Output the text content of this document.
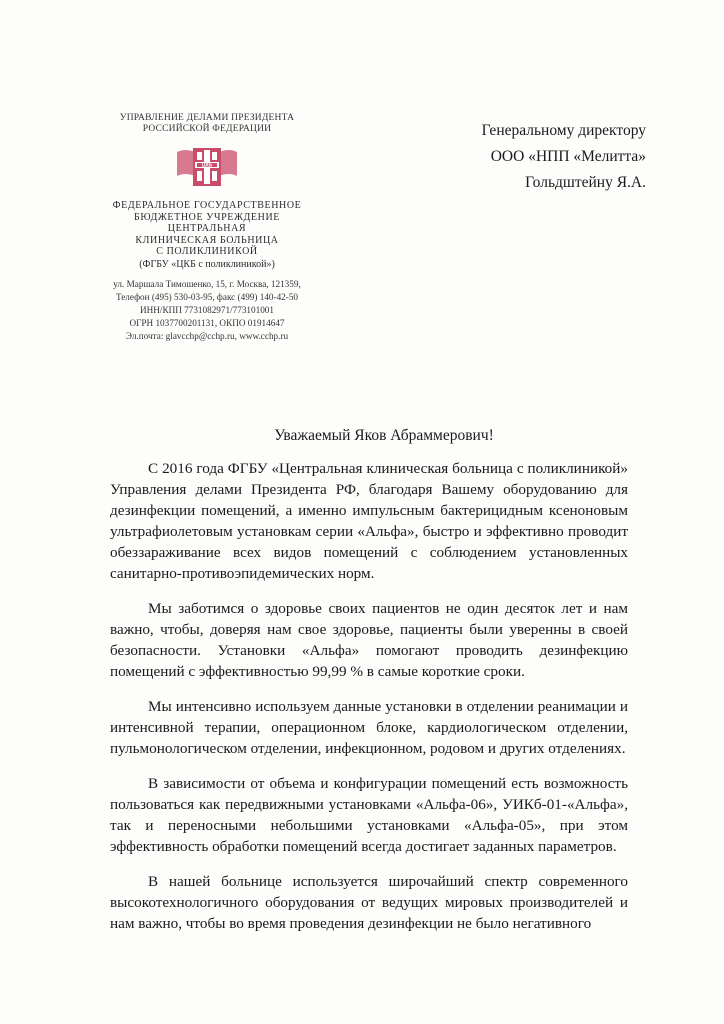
УПРАВЛЕНИЕ ДЕЛАМИ ПРЕЗИДЕНТА
РОССИЙСКОЙ ФЕДЕРАЦИИ
ЦКБ
ФЕДЕРАЛЬНОЕ ГОСУДАРСТВЕННОЕ
БЮДЖЕТНОЕ УЧРЕЖДЕНИЕ
ЦЕНТРАЛЬНАЯ
КЛИНИЧЕСКАЯ БОЛЬНИЦА
С ПОЛИКЛИНИКОЙ
(ФГБУ «ЦКБ с поликлиникой»)
ул. Маршала Тимошенко, 15, г. Москва, 121359,
Телефон (495) 530-03-95, факс (499) 140-42-50
ИНН/КПП 7731082971/773101001
ОГРН 1037700201131, ОКПО 01914647
Эл.почта: glavcchp@cchp.ru, www.cchp.ru
Генеральному директору
ООО «НПП «Мелитта»
Гольдштейну Я.А.
Уважаемый Яков Абраммерович!

С 2016 года ФГБУ «Центральная клиническая больница с поликлиникой» Управления делами Президента РФ, благодаря Вашему оборудованию для дезинфекции помещений, а именно импульсным бактерицидным ксеноновым ультрафиолетовым установкам серии «Альфа», быстро и эффективно проводит обеззараживание всех видов помещений с соблюдением установленных санитарно-противоэпидемических норм.

Мы заботимся о здоровье своих пациентов не один десяток лет и нам важно, чтобы, доверяя нам свое здоровье, пациенты были уверенны в своей безопасности. Установки «Альфа» помогают проводить дезинфекцию помещений с эффективностью 99,99 % в самые короткие сроки.

Мы интенсивно используем данные установки в отделении реанимации и интенсивной терапии, операционном блоке, кардиологическом отделении, пульмонологическом отделении, инфекционном, родовом и других отделениях.

В зависимости от объема и конфигурации помещений есть возможность пользоваться как передвижными установками «Альфа-06», УИКб-01-«Альфа», так и переносными небольшими установками «Альфа-05», при этом эффективность обработки помещений всегда достигает заданных параметров.

В нашей больнице используется широчайший спектр современного высокотехнологичного оборудования от ведущих мировых производителей и нам важно, чтобы во время проведения дезинфекции не было негативного
